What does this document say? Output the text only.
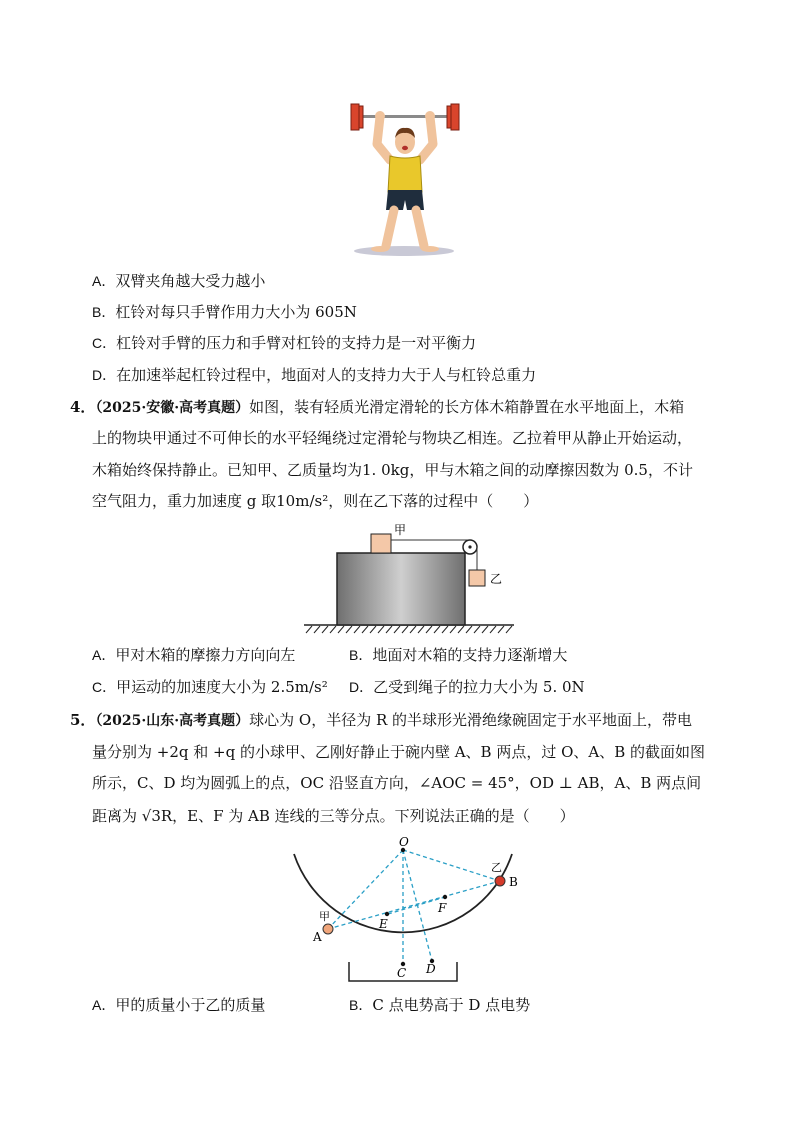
A．双臂夹角越大受力越小
B．杠铃对每只手臂作用力大小为 605N
C．杠铃对手臂的压力和手臂对杠铃的支持力是一对平衡力
D．在加速举起杠铃过程中，地面对人的支持力大于人与杠铃总重力
4．（2025·安徽·高考真题）如图，装有轻质光滑定滑轮的长方体木箱静置在水平地面上，木箱
上的物块甲通过不可伸长的水平轻绳绕过定滑轮与物块乙相连。乙拉着甲从静止开始运动，
木箱始终保持静止。已知甲、乙质量均为1. 0kg，甲与木箱之间的动摩擦因数为 0.5，不计
空气阻力，重力加速度 g 取10m/s²，则在乙下落的过程中（　　）
甲
乙
A．甲对木箱的摩擦力方向向左	B．地面对木箱的支持力逐渐增大
C．甲运动的加速度大小为 2.5m/s² D．乙受到绳子的拉力大小为 5. 0N
5．（2025·山东·高考真题）球心为 O，半径为 R 的半球形光滑绝缘碗固定于水平地面上，带电
量分别为 +2q 和 +q 的小球甲、乙刚好静止于碗内壁 A、B 两点，过 O、A、B 的截面如图
所示，C、D 均为圆弧上的点，OC 沿竖直方向，∠AOC = 45°，OD ⊥ AB，A、B 两点间
距离为 √3R，E、F 为 AB 连线的三等分点。下列说法正确的是（　　）
O
A
B
C D
E
F
甲
乙
A．甲的质量小于乙的质量	B．C 点电势高于 D 点电势
